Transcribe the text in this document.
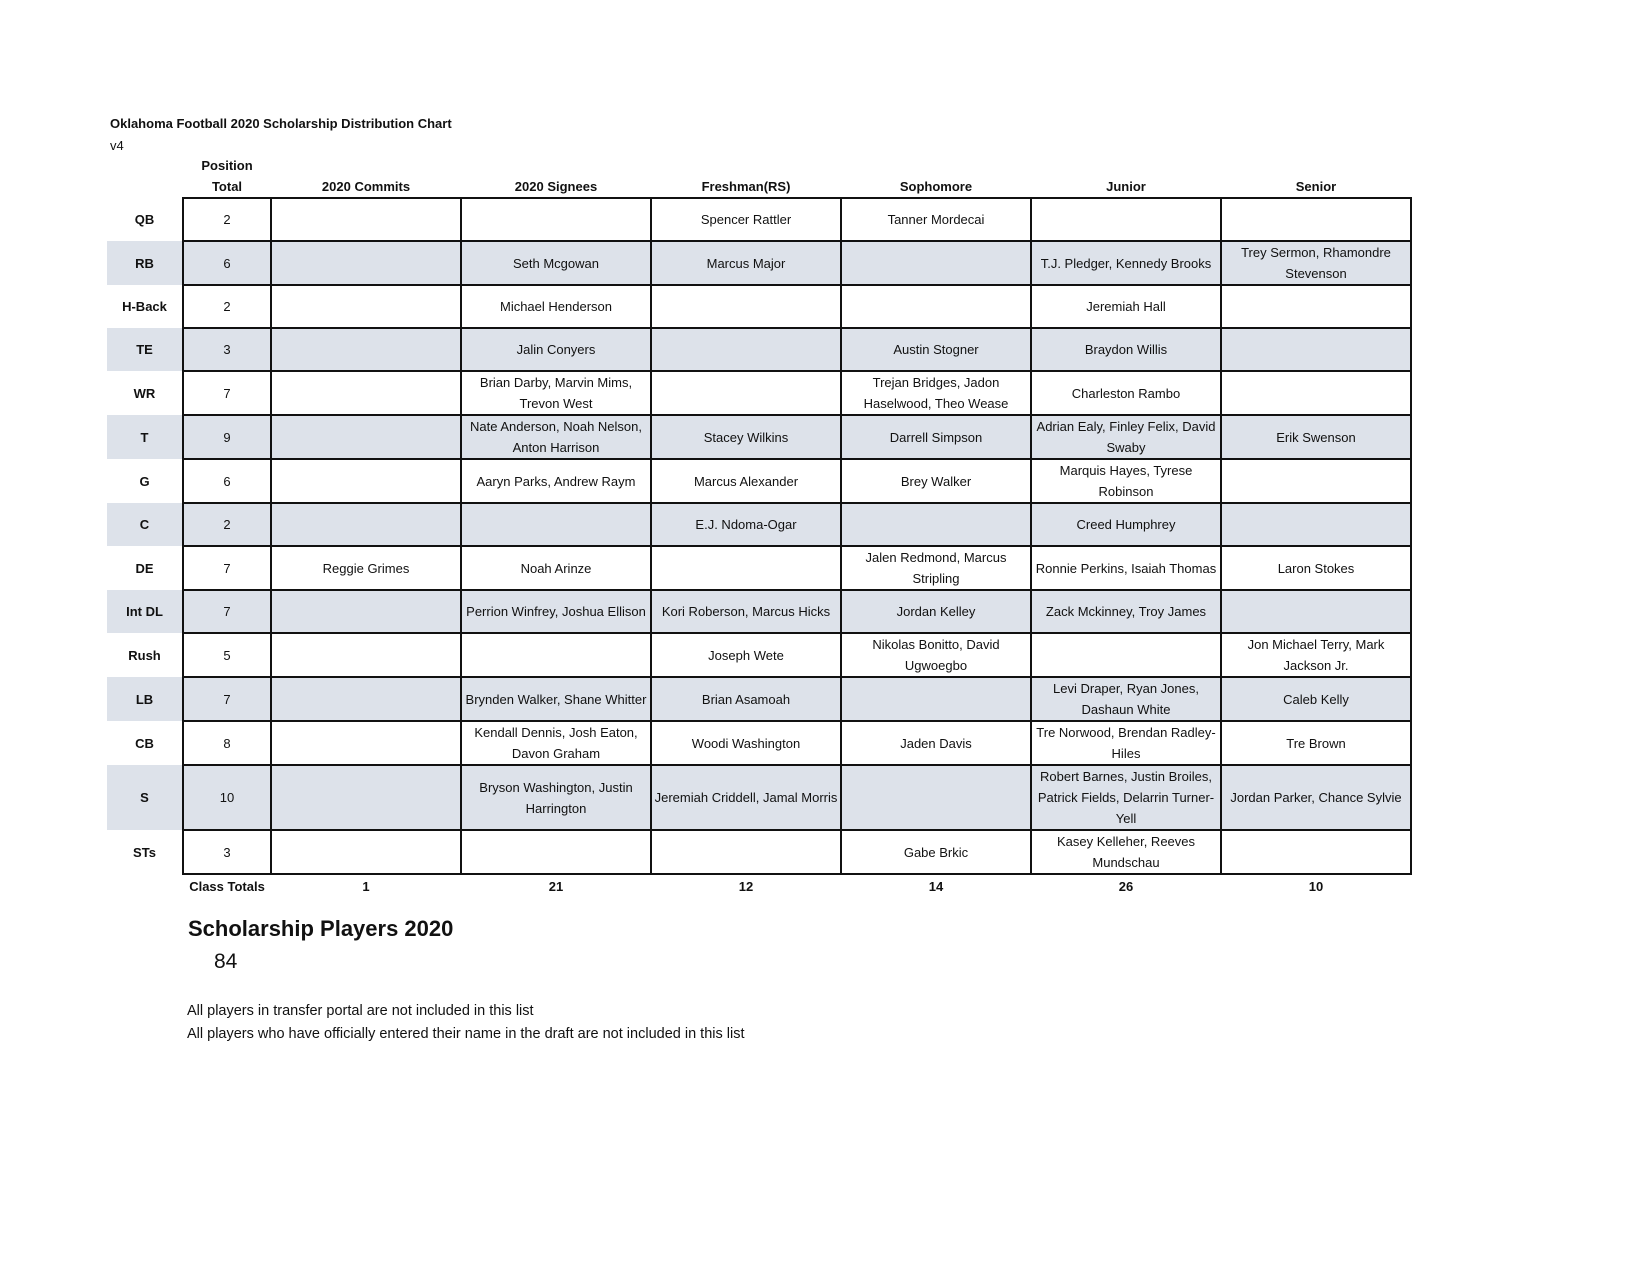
Oklahoma Football 2020 Scholarship Distribution Chart
v4
	Position						
	Total	2020 Commits	2020 Signees	Freshman(RS)	Sophomore	Junior	Senior
QB	2			Spencer Rattler	Tanner Mordecai		
RB	6		Seth Mcgowan	Marcus Major		T.J. Pledger, Kennedy Brooks	Trey Sermon, Rhamondre Stevenson
H-Back	2		Michael Henderson			Jeremiah Hall	
TE	3		Jalin Conyers		Austin Stogner	Braydon Willis	
WR	7		Brian Darby, Marvin Mims, Trevon West		Trejan Bridges, Jadon Haselwood, Theo Wease	Charleston Rambo	
T	9		Nate Anderson, Noah Nelson, Anton Harrison	Stacey Wilkins	Darrell Simpson	Adrian Ealy, Finley Felix, David Swaby	Erik Swenson
G	6		Aaryn Parks, Andrew Raym	Marcus Alexander	Brey Walker	Marquis Hayes, Tyrese Robinson	
C	2			E.J. Ndoma-Ogar		Creed Humphrey	
DE	7	Reggie Grimes	Noah Arinze		Jalen Redmond, Marcus Stripling	Ronnie Perkins, Isaiah Thomas	Laron Stokes
Int DL	7		Perrion Winfrey, Joshua Ellison	Kori Roberson, Marcus Hicks	Jordan Kelley	Zack Mckinney, Troy James	
Rush	5			Joseph Wete	Nikolas Bonitto, David Ugwoegbo		Jon Michael Terry, Mark Jackson Jr.
LB	7		Brynden Walker, Shane Whitter	Brian Asamoah		Levi Draper, Ryan Jones, Dashaun White	Caleb Kelly
CB	8		Kendall Dennis, Josh Eaton, Davon Graham	Woodi Washington	Jaden Davis	Tre Norwood, Brendan Radley-Hiles	Tre Brown
S	10		Bryson Washington, Justin Harrington	Jeremiah Criddell, Jamal Morris		Robert Barnes, Justin Broiles, Patrick Fields, Delarrin Turner-Yell	Jordan Parker, Chance Sylvie
STs	3				Gabe Brkic	Kasey Kelleher, Reeves Mundschau	
	Class Totals	1	21	12	14	26	10
Scholarship Players 2020
84
All players in transfer portal are not included in this list
All players who have officially entered their name in the draft are not included in this list
